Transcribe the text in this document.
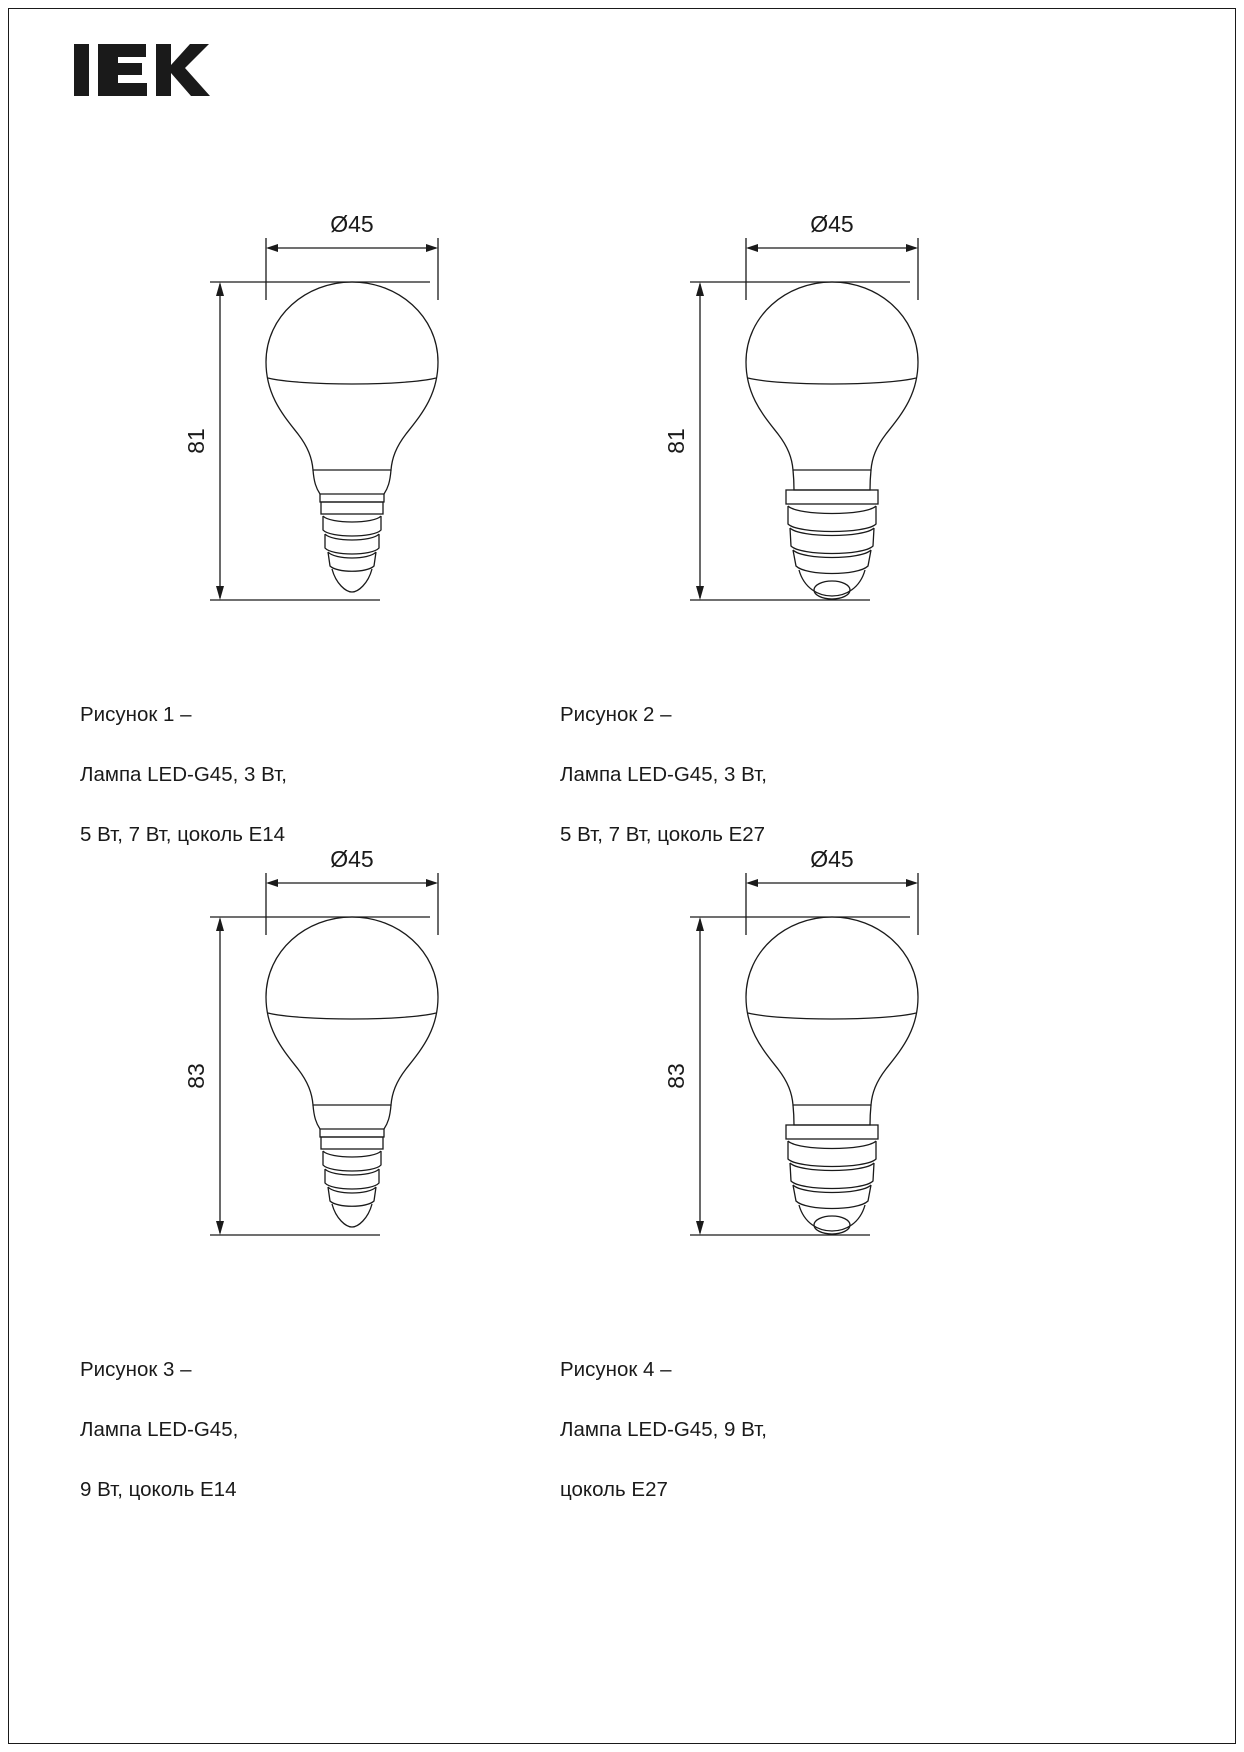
Ø45
81

Рисунок 1 –

Лампа LED-G45, 3 Вт,

5 Вт, 7 Вт, цоколь E14

Ø45
81

Рисунок 2 –

Лампа LED-G45, 3 Вт,

5 Вт, 7 Вт, цоколь E27

Ø45
83

Рисунок 3 –

Лампа LED-G45,

9 Вт, цоколь E14

Ø45
83

Рисунок 4 –

Лампа LED-G45, 9 Вт,

цоколь E27
